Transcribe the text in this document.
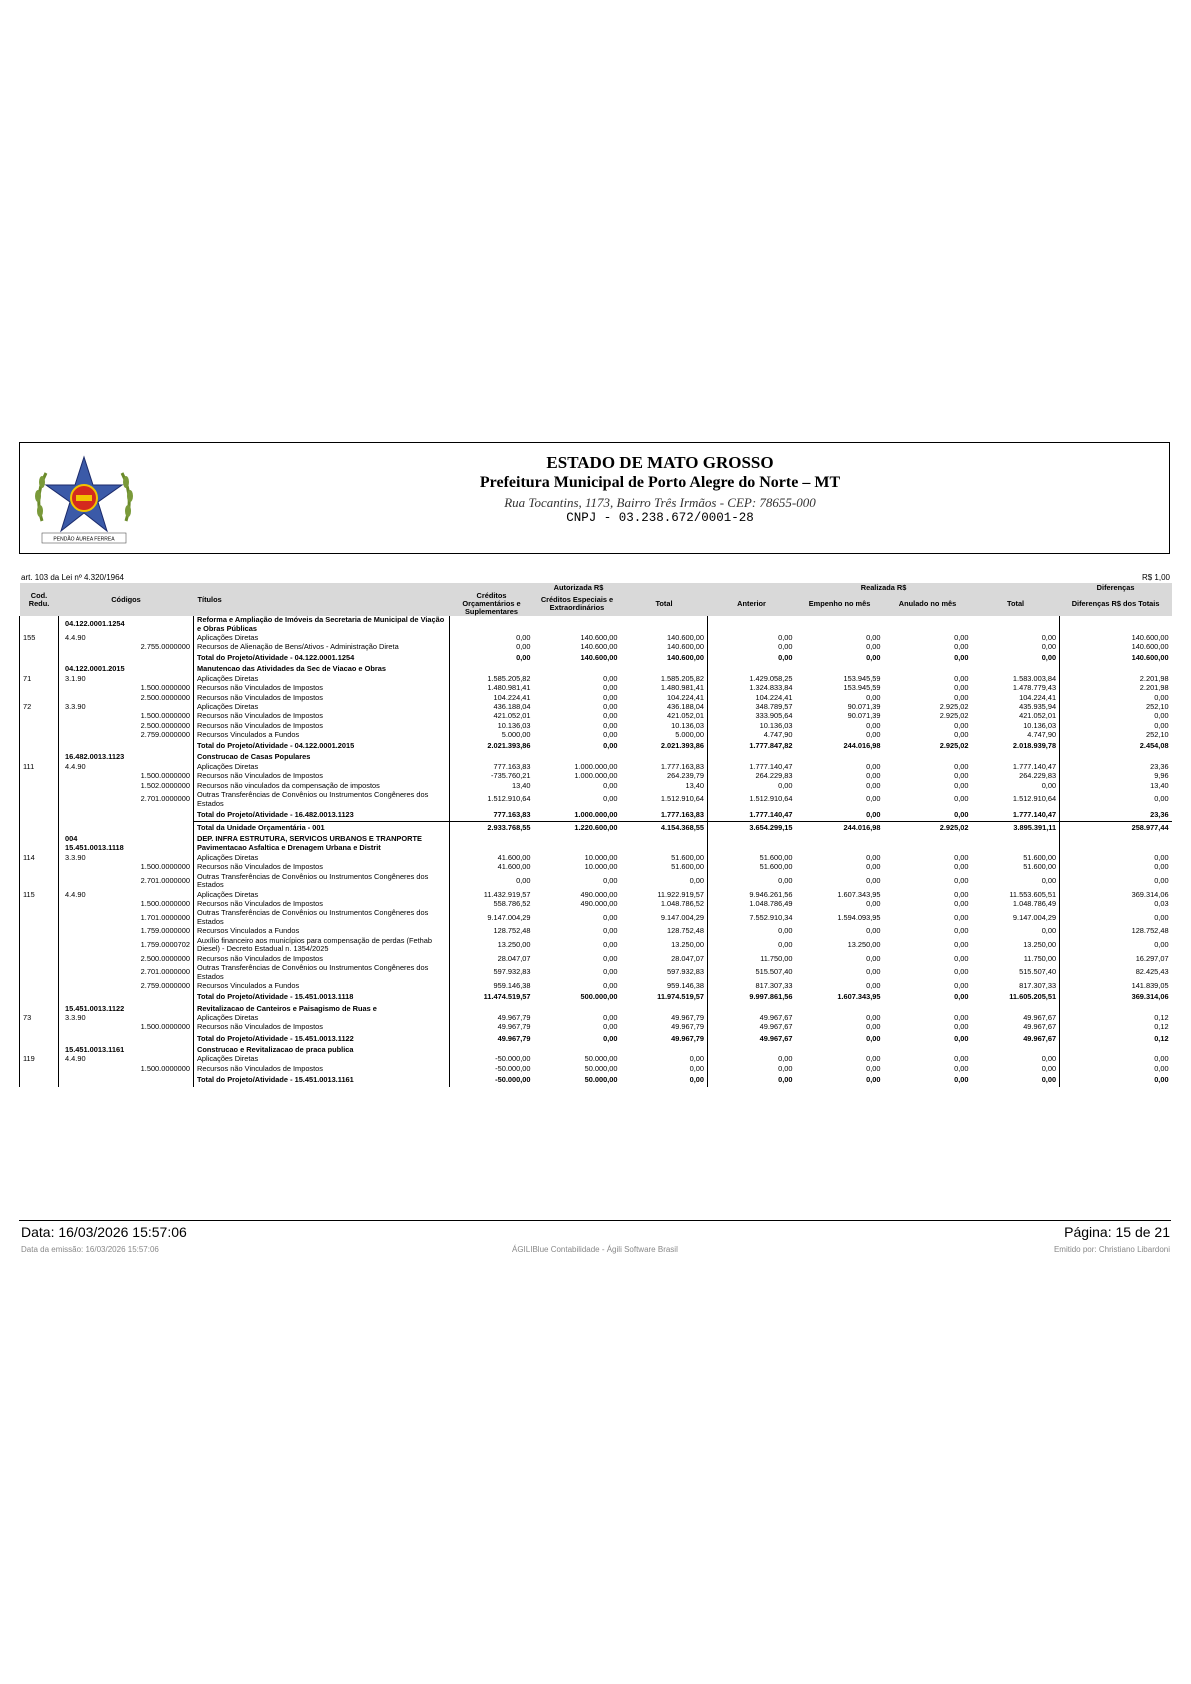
PENDÃO ÁUREA FERREA
ESTADO DE MATO GROSSO
Prefeitura Municipal de Porto Alegre do Norte – MT
Rua Tocantins, 1173, Bairro Três Irmãos - CEP: 78655-000
CNPJ - 03.238.672/0001-28
art. 103 da Lei nº 4.320/1964	R$ 1,00
Cod. Redu.	Códigos	Títulos	Autorizada R$			Realizada R$				Diferenças
			Créditos Orçamentários e Suplementares	Créditos Especiais e Extraordinários	Total	Anterior	Empenho no mês	Anulado no mês	Total	Diferenças R$ dos Totais
	04.122.0001.1254	Reforma e Ampliação de Imóveis da Secretaria de Municipal de Viação e Obras Públicas								
155	4.4.90	Aplicações Diretas	0,00	140.600,00	140.600,00	0,00	0,00	0,00	0,00	140.600,00
	2.755.0000000	Recursos de Alienação de Bens/Ativos - Administração Direta	0,00	140.600,00	140.600,00	0,00	0,00	0,00	0,00	140.600,00
		Total do Projeto/Atividade - 04.122.0001.1254	0,00	140.600,00	140.600,00	0,00	0,00	0,00	0,00	140.600,00
	04.122.0001.2015	Manutencao das Atividades da Sec de Viacao e Obras								
71	3.1.90	Aplicações Diretas	1.585.205,82	0,00	1.585.205,82	1.429.058,25	153.945,59	0,00	1.583.003,84	2.201,98
	1.500.0000000	Recursos não Vinculados de Impostos	1.480.981,41	0,00	1.480.981,41	1.324.833,84	153.945,59	0,00	1.478.779,43	2.201,98
	2.500.0000000	Recursos não Vinculados de Impostos	104.224,41	0,00	104.224,41	104.224,41	0,00	0,00	104.224,41	0,00
72	3.3.90	Aplicações Diretas	436.188,04	0,00	436.188,04	348.789,57	90.071,39	2.925,02	435.935,94	252,10
	1.500.0000000	Recursos não Vinculados de Impostos	421.052,01	0,00	421.052,01	333.905,64	90.071,39	2.925,02	421.052,01	0,00
	2.500.0000000	Recursos não Vinculados de Impostos	10.136,03	0,00	10.136,03	10.136,03	0,00	0,00	10.136,03	0,00
	2.759.0000000	Recursos Vinculados a Fundos	5.000,00	0,00	5.000,00	4.747,90	0,00	0,00	4.747,90	252,10
		Total do Projeto/Atividade - 04.122.0001.2015	2.021.393,86	0,00	2.021.393,86	1.777.847,82	244.016,98	2.925,02	2.018.939,78	2.454,08
	16.482.0013.1123	Construcao de Casas Populares								
111	4.4.90	Aplicações Diretas	777.163,83	1.000.000,00	1.777.163,83	1.777.140,47	0,00	0,00	1.777.140,47	23,36
	1.500.0000000	Recursos não Vinculados de Impostos	-735.760,21	1.000.000,00	264.239,79	264.229,83	0,00	0,00	264.229,83	9,96
	1.502.0000000	Recursos não vinculados da compensação de impostos	13,40	0,00	13,40	0,00	0,00	0,00	0,00	13,40
	2.701.0000000	Outras Transferências de Convênios ou Instrumentos Congêneres dos Estados	1.512.910,64	0,00	1.512.910,64	1.512.910,64	0,00	0,00	1.512.910,64	0,00
		Total do Projeto/Atividade - 16.482.0013.1123	777.163,83	1.000.000,00	1.777.163,83	1.777.140,47	0,00	0,00	1.777.140,47	23,36
		Total da Unidade Orçamentária - 001	2.933.768,55	1.220.600,00	4.154.368,55	3.654.299,15	244.016,98	2.925,02	3.895.391,11	258.977,44
	004	DEP. INFRA ESTRUTURA, SERVICOS URBANOS E TRANPORTE								
	15.451.0013.1118	Pavimentacao Asfaltica e Drenagem Urbana e Distrit								
114	3.3.90	Aplicações Diretas	41.600,00	10.000,00	51.600,00	51.600,00	0,00	0,00	51.600,00	0,00
	1.500.0000000	Recursos não Vinculados de Impostos	41.600,00	10.000,00	51.600,00	51.600,00	0,00	0,00	51.600,00	0,00
	2.701.0000000	Outras Transferências de Convênios ou Instrumentos Congêneres dos Estados	0,00	0,00	0,00	0,00	0,00	0,00	0,00	0,00
115	4.4.90	Aplicações Diretas	11.432.919,57	490.000,00	11.922.919,57	9.946.261,56	1.607.343,95	0,00	11.553.605,51	369.314,06
	1.500.0000000	Recursos não Vinculados de Impostos	558.786,52	490.000,00	1.048.786,52	1.048.786,49	0,00	0,00	1.048.786,49	0,03
	1.701.0000000	Outras Transferências de Convênios ou Instrumentos Congêneres dos Estados	9.147.004,29	0,00	9.147.004,29	7.552.910,34	1.594.093,95	0,00	9.147.004,29	0,00
	1.759.0000000	Recursos Vinculados a Fundos	128.752,48	0,00	128.752,48	0,00	0,00	0,00	0,00	128.752,48
	1.759.0000702	Auxílio financeiro aos municípios para compensação de perdas (Fethab Diesel) - Decreto Estadual n. 1354/2025	13.250,00	0,00	13.250,00	0,00	13.250,00	0,00	13.250,00	0,00
	2.500.0000000	Recursos não Vinculados de Impostos	28.047,07	0,00	28.047,07	11.750,00	0,00	0,00	11.750,00	16.297,07
	2.701.0000000	Outras Transferências de Convênios ou Instrumentos Congêneres dos Estados	597.932,83	0,00	597.932,83	515.507,40	0,00	0,00	515.507,40	82.425,43
	2.759.0000000	Recursos Vinculados a Fundos	959.146,38	0,00	959.146,38	817.307,33	0,00	0,00	817.307,33	141.839,05
		Total do Projeto/Atividade - 15.451.0013.1118	11.474.519,57	500.000,00	11.974.519,57	9.997.861,56	1.607.343,95	0,00	11.605.205,51	369.314,06
	15.451.0013.1122	Revitalizacao de Canteiros e Paisagismo de Ruas e								
73	3.3.90	Aplicações Diretas	49.967,79	0,00	49.967,79	49.967,67	0,00	0,00	49.967,67	0,12
	1.500.0000000	Recursos não Vinculados de Impostos	49.967,79	0,00	49.967,79	49.967,67	0,00	0,00	49.967,67	0,12
		Total do Projeto/Atividade - 15.451.0013.1122	49.967,79	0,00	49.967,79	49.967,67	0,00	0,00	49.967,67	0,12
	15.451.0013.1161	Construcao e Revitalizacao de praca publica								
119	4.4.90	Aplicações Diretas	-50.000,00	50.000,00	0,00	0,00	0,00	0,00	0,00	0,00
	1.500.0000000	Recursos não Vinculados de Impostos	-50.000,00	50.000,00	0,00	0,00	0,00	0,00	0,00	0,00
		Total do Projeto/Atividade - 15.451.0013.1161	-50.000,00	50.000,00	0,00	0,00	0,00	0,00	0,00	0,00
Data: 16/03/2026 15:57:06	Página: 15 de 21
Data da emissão: 16/03/2026 15:57:06	ÁGILIBlue Contabilidade - Ágili Software Brasil	Emitido por: Christiano Libardoni
